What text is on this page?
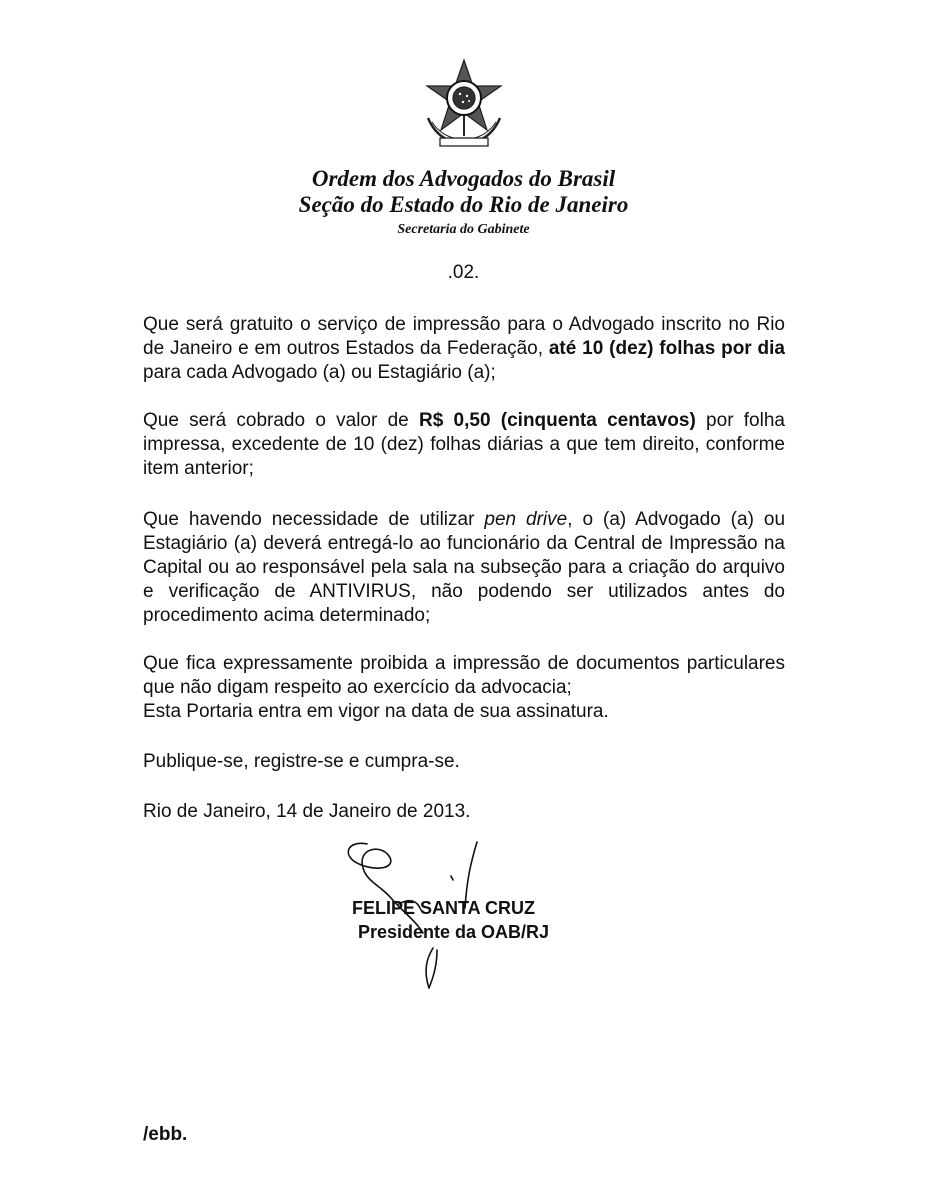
Ordem dos Advogados do Brasil

Seção do Estado do Rio de Janeiro

Secretaria do Gabinete

.02.

Que será gratuito o serviço de impressão para o Advogado inscrito no Rio de Janeiro e em outros Estados da Federação, até 10 (dez) folhas por dia para cada Advogado (a) ou Estagiário (a);

Que será cobrado o valor de R$ 0,50 (cinquenta centavos) por folha impressa, excedente de 10 (dez) folhas diárias a que tem direito, conforme item anterior;

Que havendo necessidade de utilizar pen drive, o (a) Advogado (a) ou Estagiário (a) deverá entregá-lo ao funcionário da Central de Impressão na Capital ou ao responsável pela sala na subseção para a criação do arquivo e verificação de ANTIVIRUS, não podendo ser utilizados antes do procedimento acima determinado;

Que fica expressamente proibida a impressão de documentos particulares que não digam respeito ao exercício da advocacia;
Esta Portaria entra em vigor na data de sua assinatura.

Publique-se, registre-se e cumpra-se.

Rio de Janeiro, 14 de Janeiro de 2013.

FELIPE SANTA CRUZ

Presidente da OAB/RJ

/ebb.
